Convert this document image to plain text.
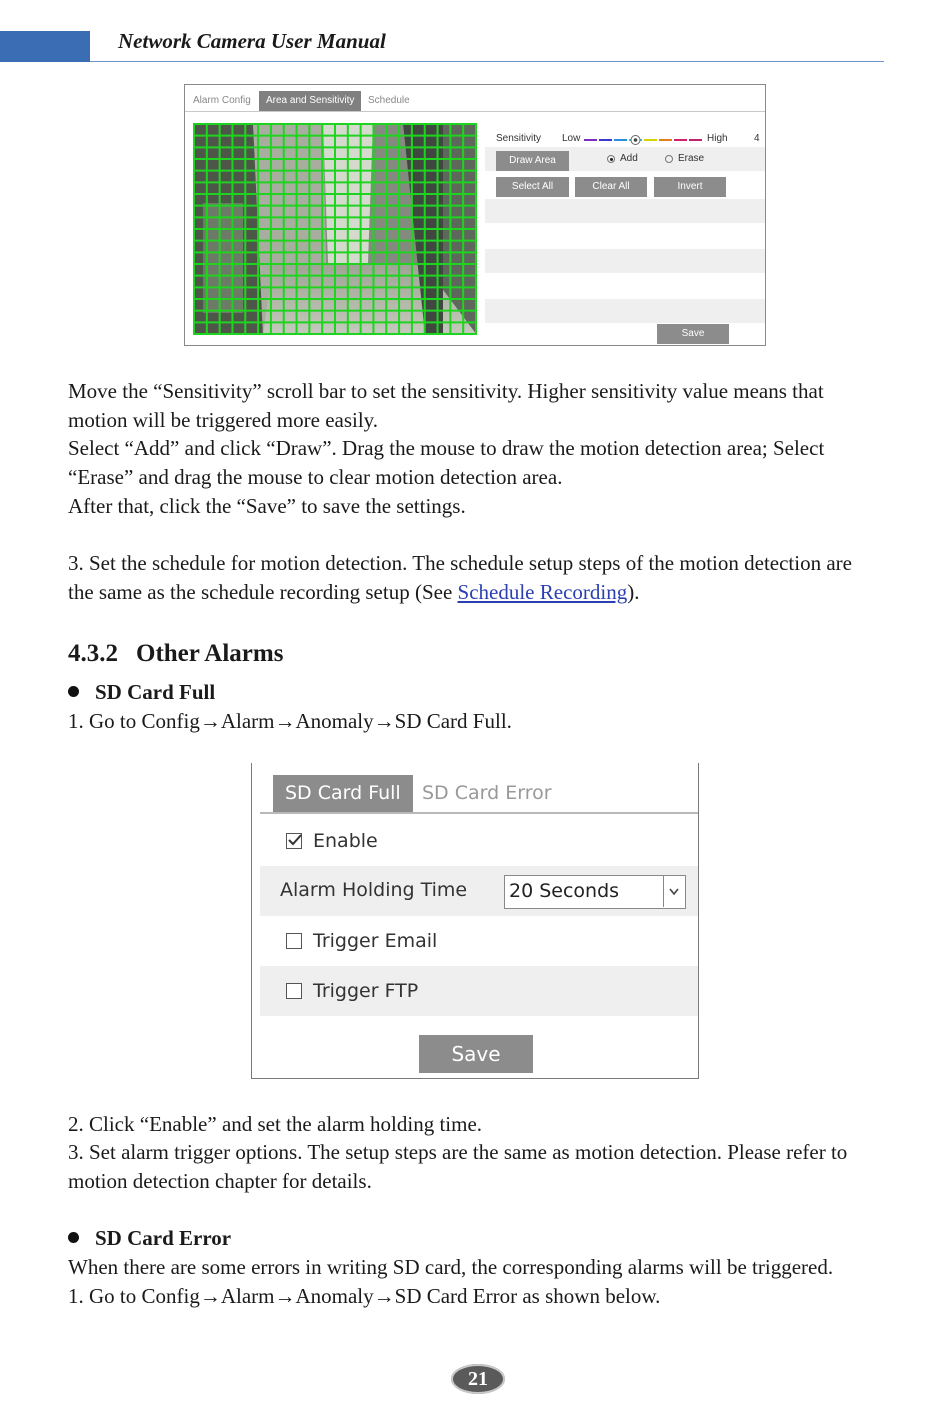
Network Camera User Manual
Alarm Config	Area and Sensitivity	Schedule
Sensitivity Low	High	4
Draw Area	Add	Erase
Select All	Clear All	Invert
Save
Move the “Sensitivity” scroll bar to set the sensitivity. Higher sensitivity value means that
motion will be triggered more easily.
Select “Add” and click “Draw”. Drag the mouse to draw the motion detection area; Select
“Erase” and drag the mouse to clear motion detection area.
After that, click the “Save” to save the settings.
3. Set the schedule for motion detection. The schedule setup steps of the motion detection are
the same as the schedule recording setup (See Schedule Recording).
4.3.2 Other Alarms
SD Card Full
1. Go to Config→Alarm→Anomaly→SD Card Full.
SD Card Full	SD Card Error
Enable
Alarm Holding Time 20 Seconds
Trigger Email
Trigger FTP
Save
2. Click “Enable” and set the alarm holding time.
3. Set alarm trigger options. The setup steps are the same as motion detection. Please refer to
motion detection chapter for details.
SD Card Error
When there are some errors in writing SD card, the corresponding alarms will be triggered.
1. Go to Config→Alarm→Anomaly→SD Card Error as shown below.
21
